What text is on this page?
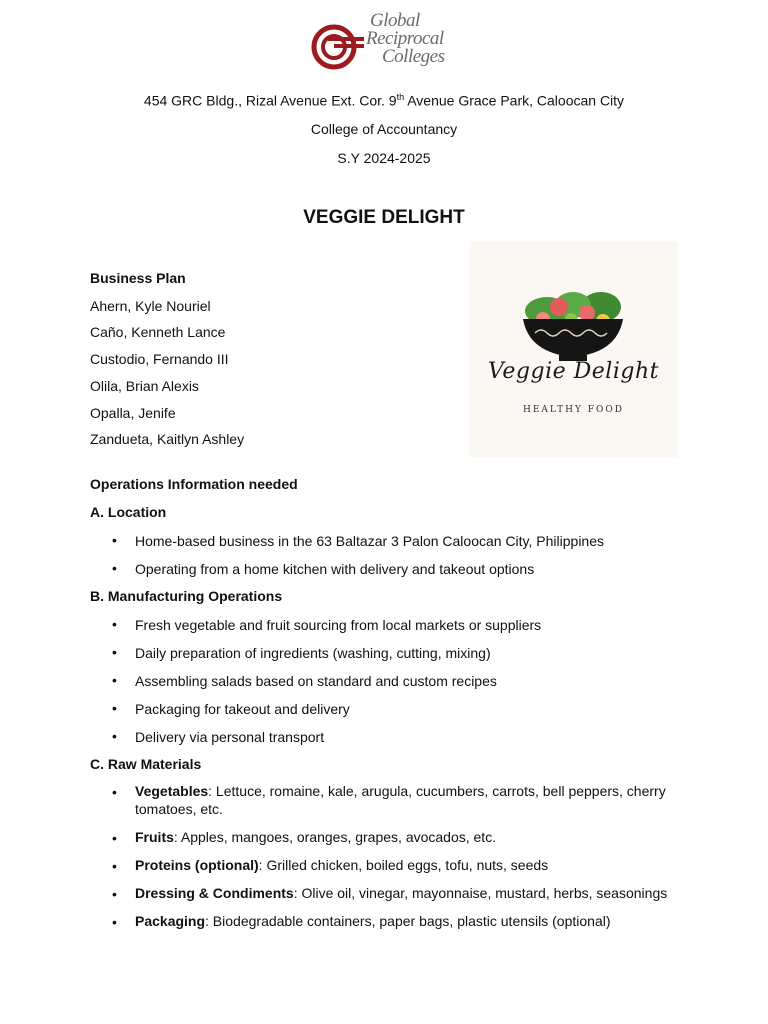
Global
Reciprocal
Colleges
454 GRC Bldg., Rizal Avenue Ext. Cor. 9th Avenue Grace Park, Caloocan City
College of Accountancy
S.Y 2024-2025
VEGGIE DELIGHT
Veggie Delight
HEALTHY FOOD
Business Plan
Ahern, Kyle Nouriel
Caño, Kenneth Lance
Custodio, Fernando III
Olila, Brian Alexis
Opalla, Jenife
Zandueta, Kaitlyn Ashley
Operations Information needed
A. Location
• Home-based business in the 63 Baltazar 3 Palon Caloocan City, Philippines
• Operating from a home kitchen with delivery and takeout options
B. Manufacturing Operations
• Fresh vegetable and fruit sourcing from local markets or suppliers
• Daily preparation of ingredients (washing, cutting, mixing)
• Assembling salads based on standard and custom recipes
• Packaging for takeout and delivery
• Delivery via personal transport
C. Raw Materials
• Vegetables: Lettuce, romaine, kale, arugula, cucumbers, carrots, bell peppers, cherry tomatoes, etc.
• Fruits: Apples, mangoes, oranges, grapes, avocados, etc.
• Proteins (optional): Grilled chicken, boiled eggs, tofu, nuts, seeds
• Dressing & Condiments: Olive oil, vinegar, mayonnaise, mustard, herbs, seasonings
• Packaging: Biodegradable containers, paper bags, plastic utensils (optional)
